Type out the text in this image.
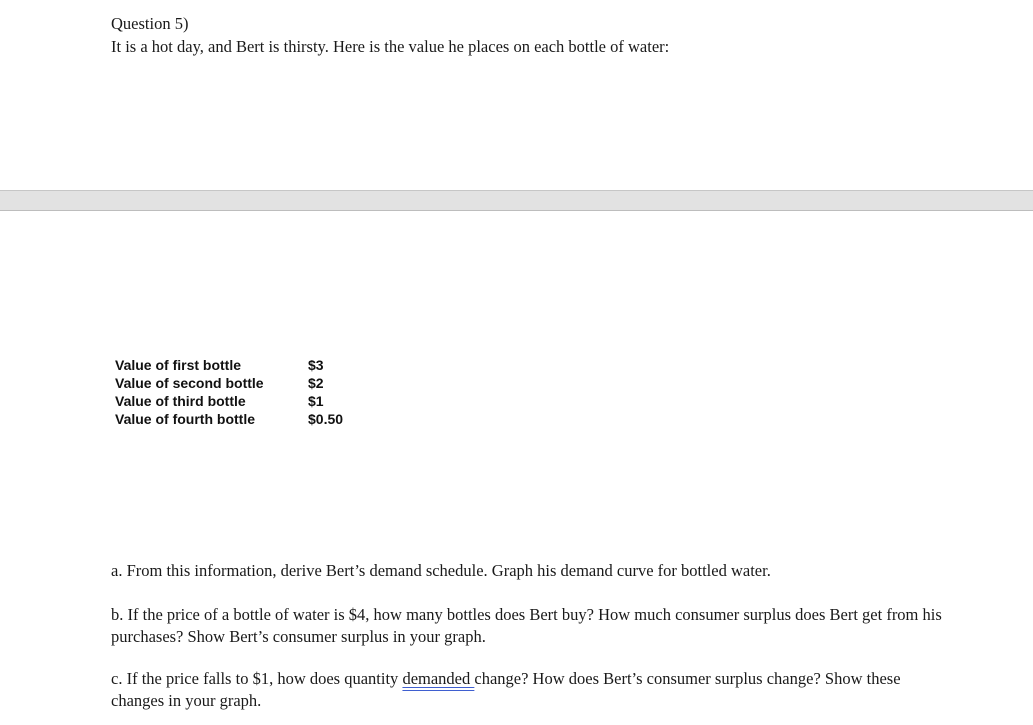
Question 5)
It is a hot day, and Bert is thirsty. Here is the value he places on each bottle of water:
Value of first bottle	$3
Value of second bottle	$2
Value of third bottle	$1
Value of fourth bottle	$0.50
a. From this information, derive Bert’s demand schedule. Graph his demand curve for bottled water.
b. If the price of a bottle of water is $4, how many bottles does Bert buy? How much consumer surplus does Bert get from his purchases? Show Bert’s consumer surplus in your graph.
c. If the price falls to $1, how does quantity demanded change? How does Bert’s consumer surplus change? Show these changes in your graph.
